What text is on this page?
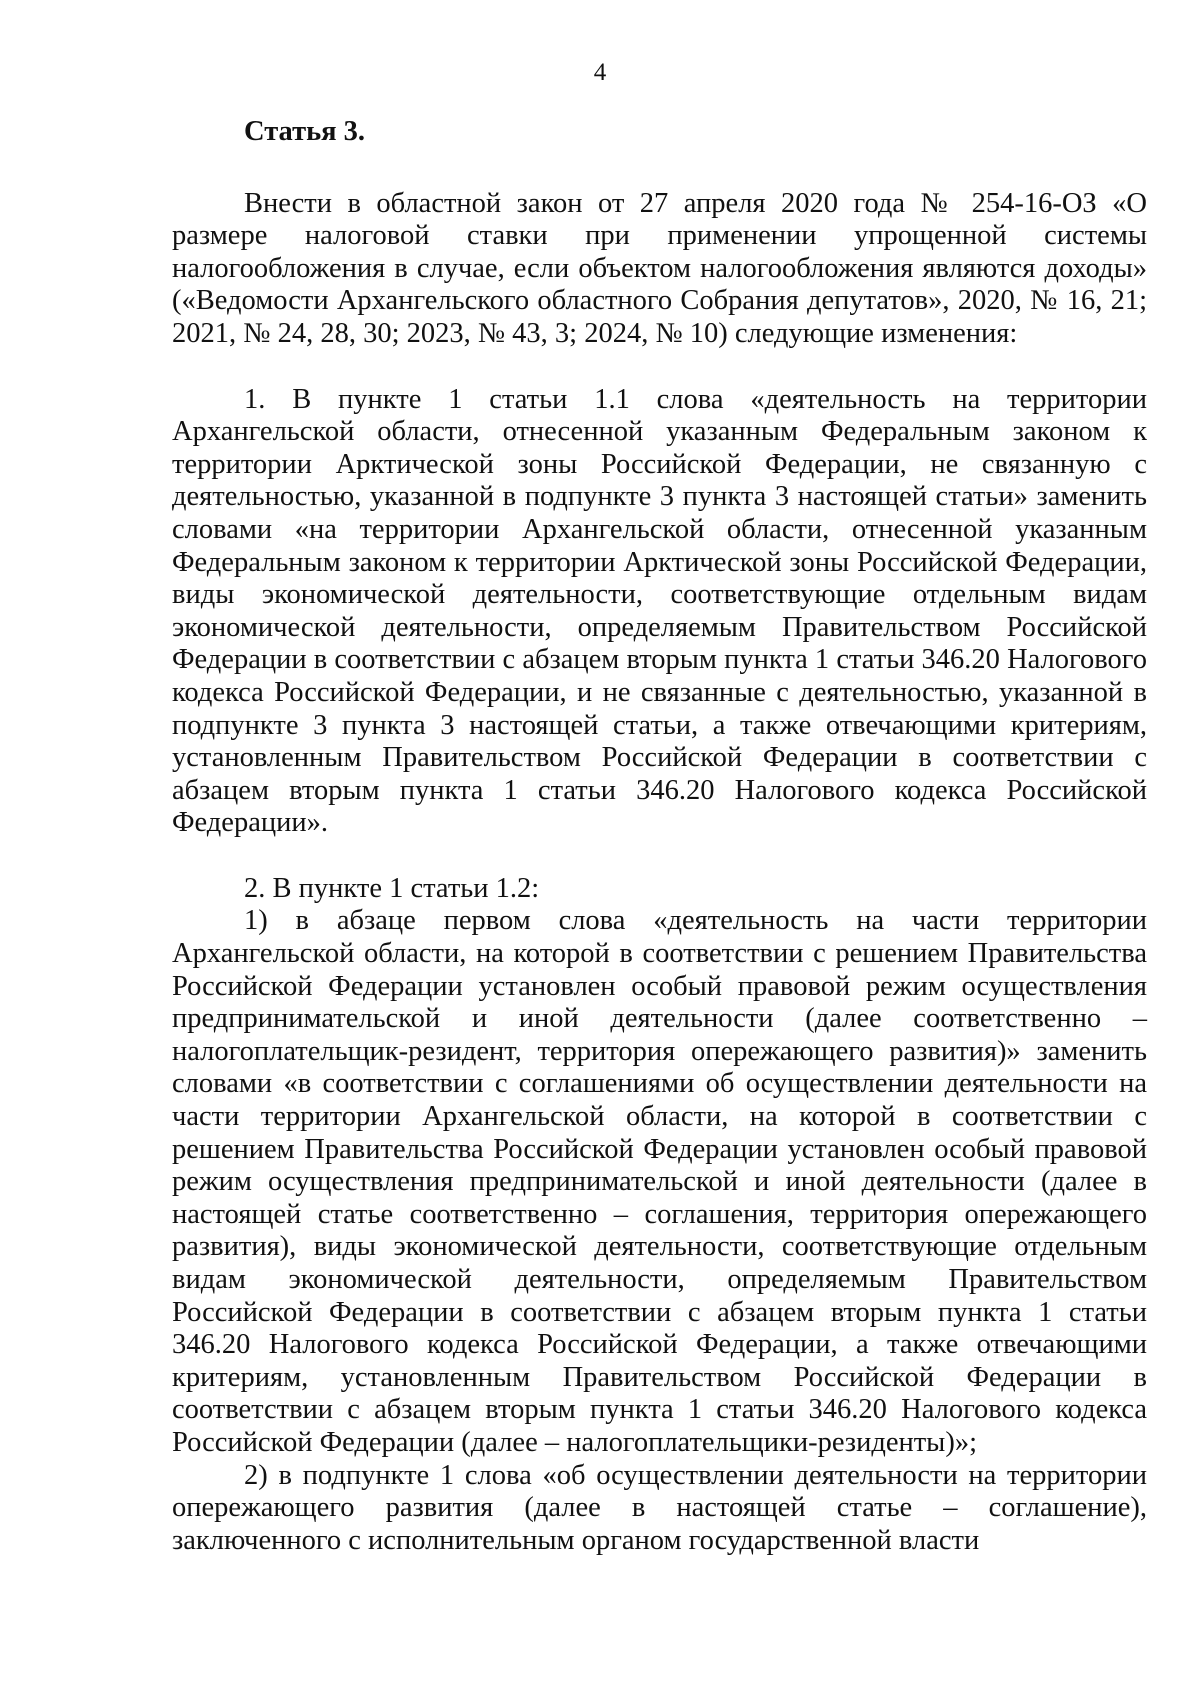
4

Статья 3.

Внести в областной закон от 27 апреля 2020 года № 254-16-ОЗ «О размере налоговой ставки при применении упрощенной системы налогообложения в случае, если объектом налогообложения являются доходы» («Ведомости Архангельского областного Собрания депутатов», 2020, № 16, 21; 2021, № 24, 28, 30; 2023, № 43, 3; 2024, № 10) следующие изменения:

1. В пункте 1 статьи 1.1 слова «деятельность на территории Архангельской области, отнесенной указанным Федеральным законом к территории Арктической зоны Российской Федерации, не связанную с деятельностью, указанной в подпункте 3 пункта 3 настоящей статьи» заменить словами «на территории Архангельской области, отнесенной указанным Федеральным законом к территории Арктической зоны Российской Федерации, виды экономической деятельности, соответствующие отдельным видам экономической деятельности, определяемым Правительством Российской Федерации в соответствии с абзацем вторым пункта 1 статьи 346.20 Налогового кодекса Российской Федерации, и не связанные с деятельностью, указанной в подпункте 3 пункта 3 настоящей статьи, а также отвечающими критериям, установленным Правительством Российской Федерации в соответствии с абзацем вторым пункта 1 статьи 346.20 Налогового кодекса Российской Федерации».

2. В пункте 1 статьи 1.2:

1) в абзаце первом слова «деятельность на части территории Архангельской области, на которой в соответствии с решением Правительства Российской Федерации установлен особый правовой режим осуществления предпринимательской и иной деятельности (далее соответственно – налогоплательщик-резидент, территория опережающего развития)» заменить словами «в соответствии с соглашениями об осуществлении деятельности на части территории Архангельской области, на которой в соответствии с решением Правительства Российской Федерации установлен особый правовой режим осуществления предпринимательской и иной деятельности (далее в настоящей статье соответственно – соглашения, территория опережающего развития), виды экономической деятельности, соответствующие отдельным видам экономической деятельности, определяемым Правительством Российской Федерации в соответствии с абзацем вторым пункта 1 статьи 346.20 Налогового кодекса Российской Федерации, а также отвечающими критериям, установленным Правительством Российской Федерации в соответствии с абзацем вторым пункта 1 статьи 346.20 Налогового кодекса Российской Федерации (далее – налогоплательщики-резиденты)»;

2) в подпункте 1 слова «об осуществлении деятельности на территории опережающего развития (далее в настоящей статье – соглашение), заключенного с исполнительным органом государственной власти
